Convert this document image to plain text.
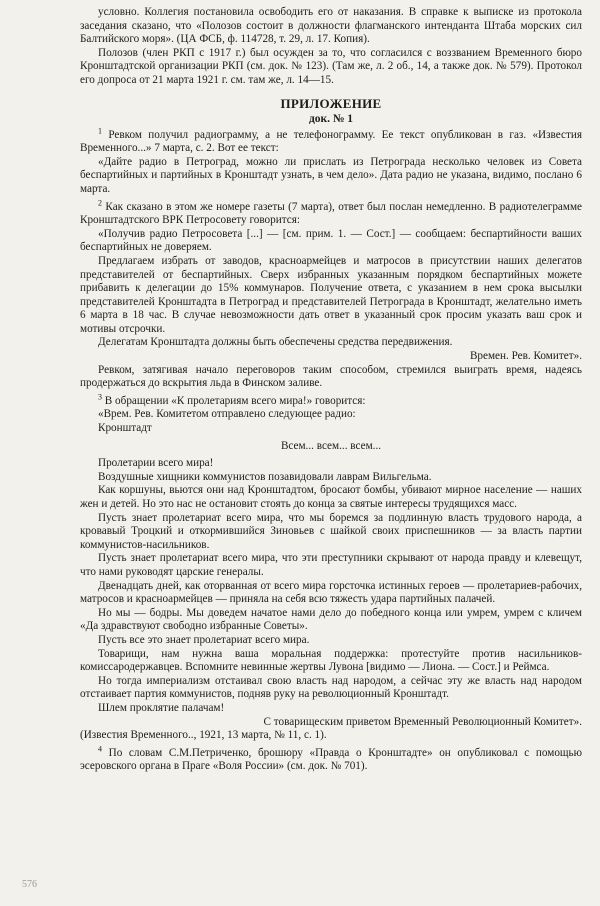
условно. Коллегия постановила освободить его от наказания. В справке к выписке из протокола заседания сказано, что «Полозов состоит в должности флагманского интенданта Штаба морских сил Балтийского моря». (ЦА ФСБ, ф. 114728, т. 29, л. 17. Копия).

Полозов (член РКП с 1917 г.) был осужден за то, что согласился с воззванием Временного бюро Кронштадтской организации РКП (см. док. № 123). (Там же, л. 2 об., 14, а также док. № 579). Протокол его допроса от 21 марта 1921 г. см. там же, л. 14—15.

ПРИЛОЖЕНИЕ
док. № 1

$^1$ Ревком получил радиограмму, а не телефонограмму. Ее текст опубликован в газ. «Известия Временного...» 7 марта, с. 2. Вот ее текст:

«Дайте радио в Петроград, можно ли прислать из Петрограда несколько человек из Совета беспартийных и партийных в Кронштадт узнать, в чем дело». Дата радио не указана, видимо, послано 6 марта.

$^2$ Как сказано в этом же номере газеты (7 марта), ответ был послан немедленно. В радиотелеграмме Кронштадтского ВРК Петросовету говорится:

«Получив радио Петросовета [...] — [см. прим. 1. — Сост.] — сообщаем: беспартийности ваших беспартийных не доверяем.

Предлагаем избрать от заводов, красноармейцев и матросов в присутствии наших делегатов представителей от беспартийных. Сверх избранных указанным порядком беспартийных можете прибавить к делегации до 15% коммунаров. Получение ответа, с указанием в нем срока высылки представителей Кронштадта в Петроград и представителей Петрограда в Кронштадт, желательно иметь 6 марта в 18 час. В случае невозможности дать ответ в указанный срок просим указать ваш срок и мотивы отсрочки.

Делегатам Кронштадта должны быть обеспечены средства передвижения.

Времен. Рев. Комитет».

Ревком, затягивая начало переговоров таким способом, стремился выиграть время, надеясь продержаться до вскрытия льда в Финском заливе.

$^3$ В обращении «К пролетариям всего мира!» говорится:

«Врем. Рев. Комитетом отправлено следующее радио:

Кронштадт

Всем... всем... всем...

Пролетарии всего мира!

Воздушные хищники коммунистов позавидовали лаврам Вильгельма.

Как коршуны, вьются они над Кронштадтом, бросают бомбы, убивают мирное население — наших жен и детей. Но это нас не остановит стоять до конца за святые интересы трудящихся масс.

Пусть знает пролетариат всего мира, что мы боремся за подлинную власть трудового народа, а кровавый Троцкий и откормившийся Зиновьев с шайкой своих приспешников — за власть партии коммунистов-насильников.

Пусть знает пролетариат всего мира, что эти преступники скрывают от народа правду и клевещут, что нами руководят царские генералы.

Двенадцать дней, как оторванная от всего мира горсточка истинных героев — пролетариев-рабочих, матросов и красноармейцев — приняла на себя всю тяжесть удара партийных палачей.

Но мы — бодры. Мы доведем начатое нами дело до победного конца или умрем, умрем с кличем «Да здравствуют свободно избранные Советы».

Пусть все это знает пролетариат всего мира.

Товарищи, нам нужна ваша моральная поддержка: протестуйте против насильников-комиссародержавцев. Вспомните невинные жертвы Лувона [видимо — Лиона. — Сост.] и Реймса.

Но тогда империализм отстаивал свою власть над народом, а сейчас эту же власть над народом отстаивает партия коммунистов, подняв руку на революционный Кронштадт.

Шлем проклятие палачам!

С товарищеским приветом Временный Революционный Комитет».

(Известия Временного.., 1921, 13 марта, № 11, с. 1).

$^4$ По словам С.М.Петриченко, брошюру «Правда о Кронштадте» он опубликовал с помощью эсеровского органа в Праге «Воля России» (см. док. № 701).

576
